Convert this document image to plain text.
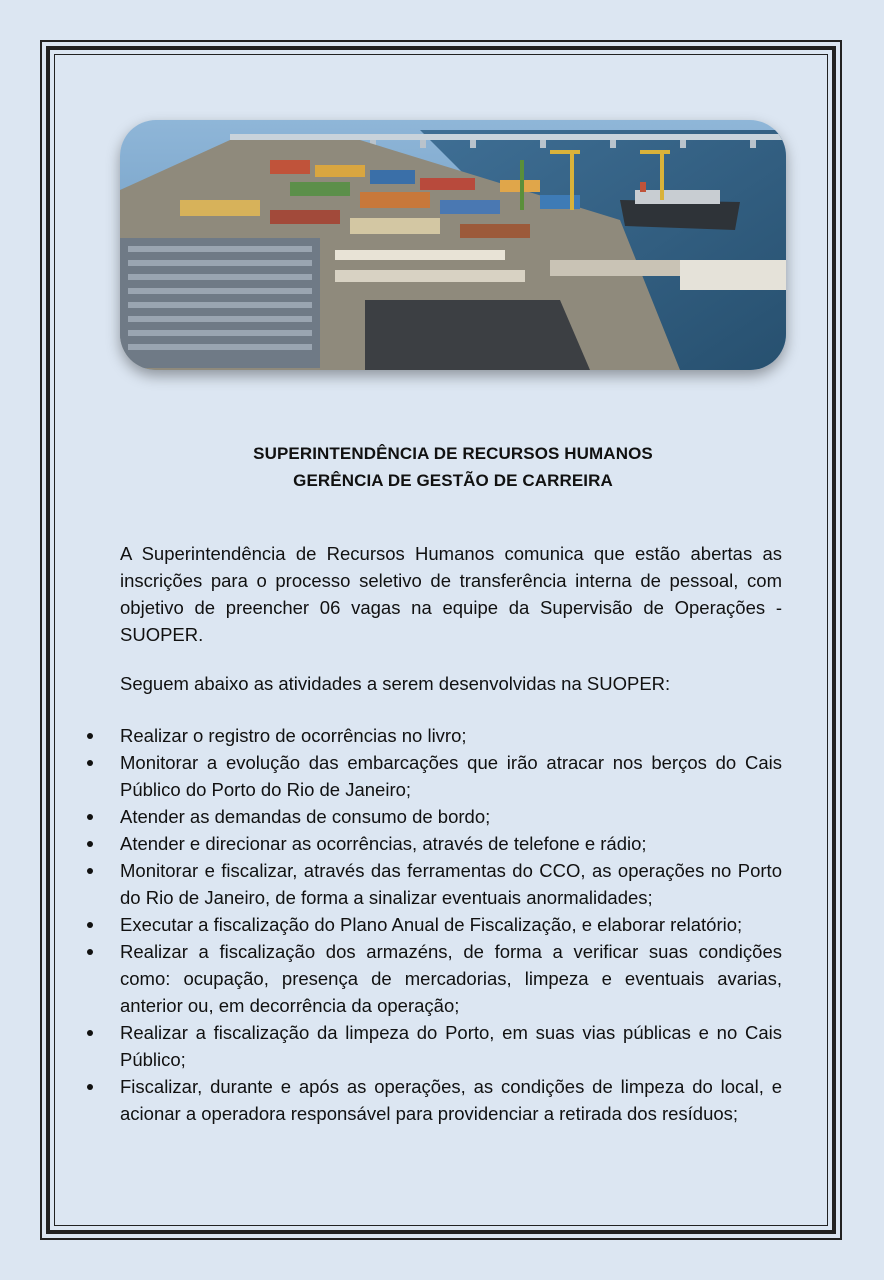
SUPERINTENDÊNCIA DE RECURSOS HUMANOS
GERÊNCIA DE GESTÃO DE CARREIRA

A Superintendência de Recursos Humanos comunica que estão abertas as inscrições para o processo seletivo de transferência interna de pessoal, com objetivo de preencher 06 vagas na equipe da Supervisão de Operações - SUOPER.

Seguem abaixo as atividades a serem desenvolvidas na SUOPER:

Realizar o registro de ocorrências no livro;
Monitorar a evolução das embarcações que irão atracar nos berços do Cais Público do Porto do Rio de Janeiro;
Atender as demandas de consumo de bordo;
Atender e direcionar as ocorrências, através de telefone e rádio;
Monitorar e fiscalizar, através das ferramentas do CCO, as operações no Porto do Rio de Janeiro, de forma a sinalizar eventuais anormalidades;
Executar a fiscalização do Plano Anual de Fiscalização, e elaborar relatório;
Realizar a fiscalização dos armazéns, de forma a verificar suas condições como: ocupação, presença de mercadorias, limpeza e eventuais avarias, anterior ou, em decorrência da operação;
Realizar a fiscalização da limpeza do Porto, em suas vias públicas e no Cais Público;
Fiscalizar, durante e após as operações, as condições de limpeza do local, e acionar a operadora responsável para providenciar a retirada dos resíduos;
